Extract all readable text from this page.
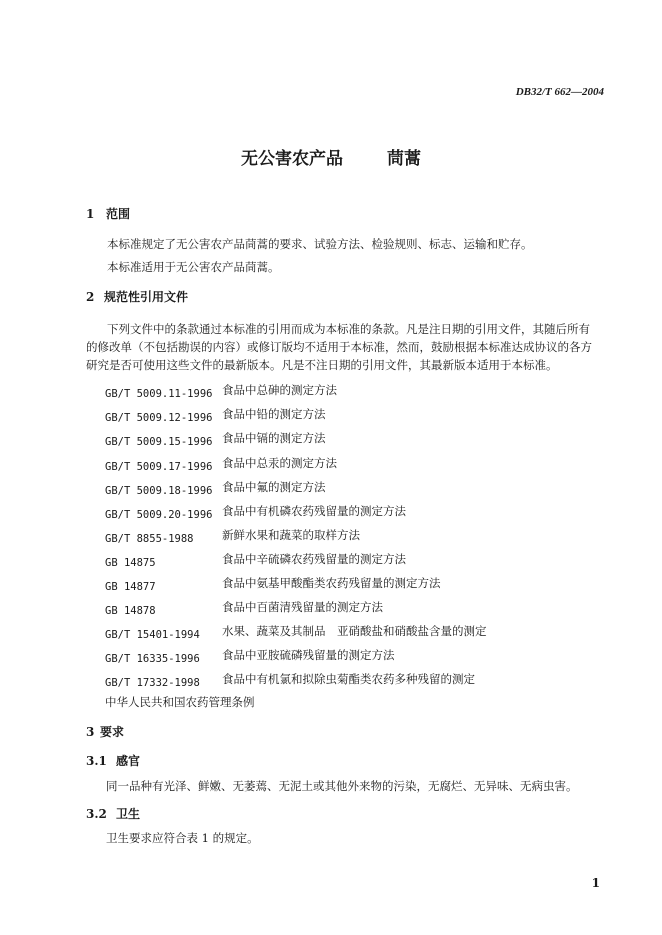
DB32/T 662—2004
无公害农产品	茼蒿
1 范围
本标准规定了无公害农产品茼蒿的要求、试验方法、检验规则、标志、运输和贮存。
本标准适用于无公害农产品茼蒿。
2 规范性引用文件
下列文件中的条款通过本标准的引用而成为本标准的条款。凡是注日期的引用文件，其随后所有的修改单（不包括勘误的内容）或修订版均不适用于本标准，然而，鼓励根据本标准达成协议的各方研究是否可使用这些文件的最新版本。凡是不注日期的引用文件，其最新版本适用于本标准。
GB/T 5009.11-1996 食品中总砷的测定方法
GB/T 5009.12-1996 食品中铅的测定方法
GB/T 5009.15-1996 食品中镉的测定方法
GB/T 5009.17-1996 食品中总汞的测定方法
GB/T 5009.18-1996 食品中氟的测定方法
GB/T 5009.20-1996 食品中有机磷农药残留量的测定方法
GB/T 8855-1988 新鲜水果和蔬菜的取样方法
GB 14875	食品中辛硫磷农药残留量的测定方法
GB 14877	食品中氨基甲酸酯类农药残留量的测定方法
GB 14878	食品中百菌清残留量的测定方法
GB/T 15401-1994 水果、蔬菜及其制品　亚硝酸盐和硝酸盐含量的测定
GB/T 16335-1996 食品中亚胺硫磷残留量的测定方法
GB/T 17332-1998 食品中有机氯和拟除虫菊酯类农药多种残留的测定
中华人民共和国农药管理条例
3 要求
3.1 感官
同一品种有光泽、鲜嫩、无萎蔫、无泥土或其他外来物的污染，无腐烂、无异味、无病虫害。
3.2 卫生
卫生要求应符合表 1 的规定。
1
